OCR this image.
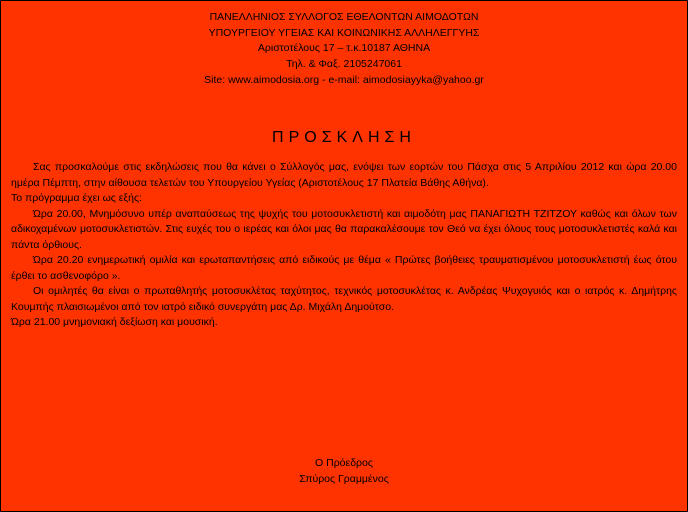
ΠΑΝΕΛΛΗΝΙΟΣ ΣΥΛΛΟΓΟΣ ΕΘΕΛΟΝΤΩΝ ΑΙΜΟΔΟΤΩΝ
ΥΠΟΥΡΓΕΙΟΥ ΥΓΕΙΑΣ ΚΑΙ ΚΟΙΝΩΝΙΚΗΣ ΑΛΛΗΛΕΓΓΥΗΣ
Αριστοτέλους 17 – τ.κ.10187 ΑΘΗΝΑ
Τηλ. & Φαξ. 2105247061
Site: www.aimodosia.org - e-mail: aimodosiayyka@yahoo.gr
ΠΡΟΣΚΛΗΣΗ

Σας προσκαλούμε στις εκδηλώσεις που θα κάνει ο Σύλλογός μας, ενόψει των εορτών του Πάσχα στις 5 Απριλίου 2012 και ώρα 20.00 ημέρα Πέμπτη, στην αίθουσα τελετών του Υπουργείου Υγείας (Αριστοτέλους 17 Πλατεία Βάθης Αθήνα).

Το πρόγραμμα έχει ως εξής:

Ώρα 20.00, Μνημόσυνο υπέρ αναπαύσεως της ψυχής του μοτοσυκλετιστή και αιμοδότη μας ΠΑΝΑΓΙΩΤΗ ΤΖΙΤΖΟΥ καθώς και όλων των αδικοχαμένων μοτοσυκλετιστών. Στις ευχές του ο ιερέας και όλοι μας θα παρακαλέσουμε τον Θεό να έχει όλους τους μοτοσυκλετιστές καλά και πάντα όρθιους.

Ώρα 20.20 ενημερωτική ομιλία και ερωταπαντήσεις από ειδικούς με θέμα « Πρώτες βοήθειες τραυματισμένου μοτοσυκλετιστή έως ότου έρθει το ασθενοφόρο ».

Οι ομιλητές θα είναι ο πρωταθλητής μοτοσυκλέτας ταχύτητος, τεχνικός μοτοσυκλέτας κ. Ανδρέας Ψυχογυιός και ο ιατρός κ. Δημήτρης Κουμπής πλαισιωμένοι από τον ιατρό ειδικό συνεργάτη μας Δρ. Μιχάλη Δημούτσο.

Ώρα 21.00 μνημονιακή δεξίωση και μουσική.

Ο Πρόεδρος
Σπύρος Γραμμένος
